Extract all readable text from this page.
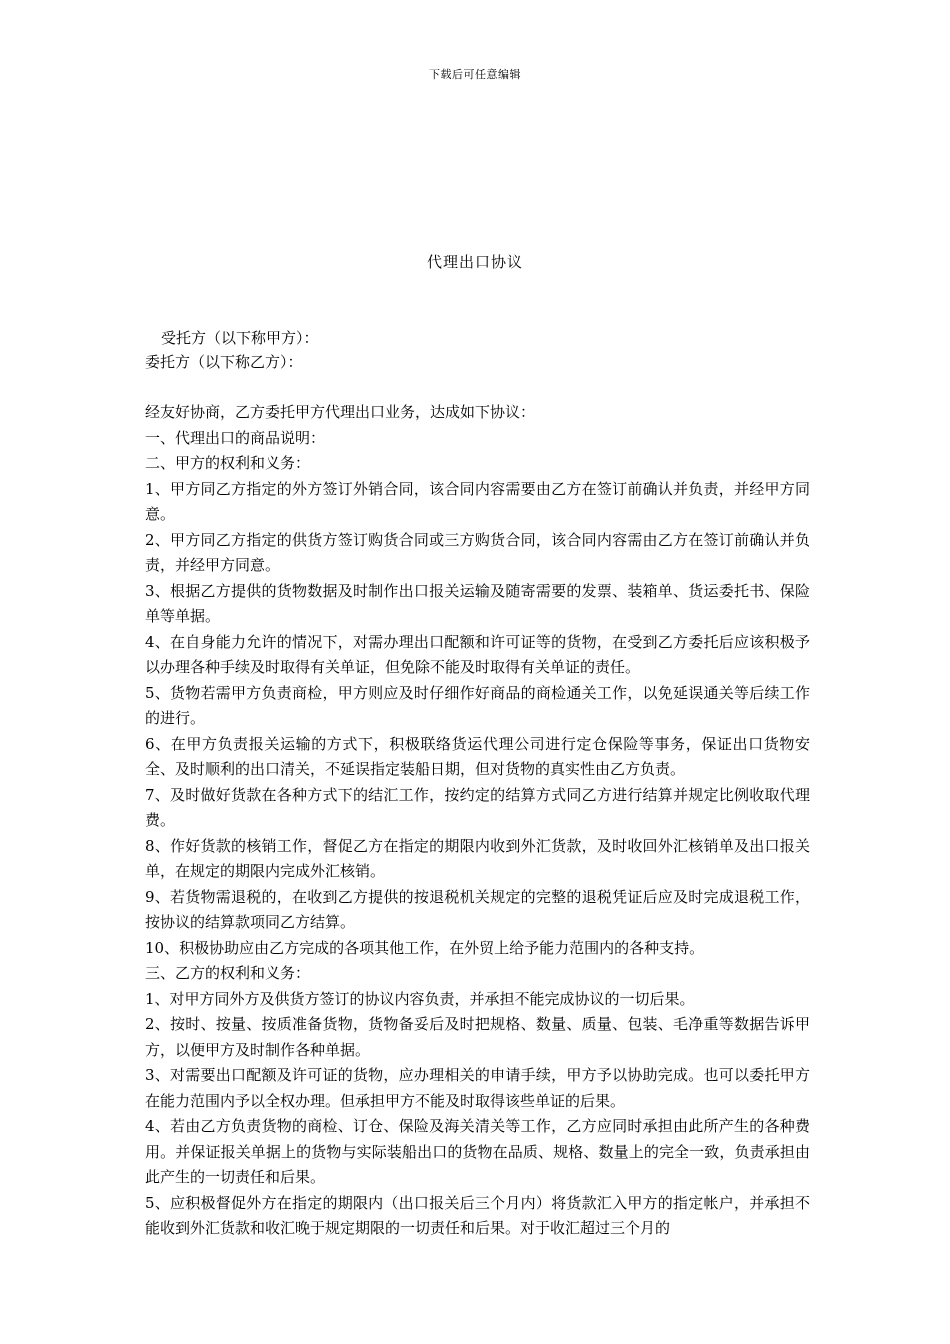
下载后可任意编辑
代理出口协议
受托方（以下称甲方）：
委托方（以下称乙方）：

经友好协商，乙方委托甲方代理出口业务，达成如下协议：

一、代理出口的商品说明：

二、甲方的权利和义务：

1、甲方同乙方指定的外方签订外销合同，该合同内容需要由乙方在签订前确认并负责，并经甲方同意。

2、甲方同乙方指定的供货方签订购货合同或三方购货合同，该合同内容需由乙方在签订前确认并负责，并经甲方同意。

3、根据乙方提供的货物数据及时制作出口报关运输及随寄需要的发票、装箱单、货运委托书、保险单等单据。

4、在自身能力允许的情况下，对需办理出口配额和许可证等的货物，在受到乙方委托后应该积极予以办理各种手续及时取得有关单证，但免除不能及时取得有关单证的责任。

5、货物若需甲方负责商检，甲方则应及时仔细作好商品的商检通关工作，以免延误通关等后续工作的进行。

6、在甲方负责报关运输的方式下，积极联络货运代理公司进行定仓保险等事务，保证出口货物安全、及时顺利的出口清关，不延误指定装船日期，但对货物的真实性由乙方负责。

7、及时做好货款在各种方式下的结汇工作，按约定的结算方式同乙方进行结算并规定比例收取代理费。

8、作好货款的核销工作，督促乙方在指定的期限内收到外汇货款，及时收回外汇核销单及出口报关单，在规定的期限内完成外汇核销。

9、若货物需退税的，在收到乙方提供的按退税机关规定的完整的退税凭证后应及时完成退税工作，按协议的结算款项同乙方结算。

10、积极协助应由乙方完成的各项其他工作，在外贸上给予能力范围内的各种支持。

三、乙方的权利和义务：

1、对甲方同外方及供货方签订的协议内容负责，并承担不能完成协议的一切后果。

2、按时、按量、按质准备货物，货物备妥后及时把规格、数量、质量、包装、毛净重等数据告诉甲方，以便甲方及时制作各种单据。

3、对需要出口配额及许可证的货物，应办理相关的申请手续，甲方予以协助完成。也可以委托甲方在能力范围内予以全权办理。但承担甲方不能及时取得该些单证的后果。

4、若由乙方负责货物的商检、订仓、保险及海关清关等工作，乙方应同时承担由此所产生的各种费用。并保证报关单据上的货物与实际装船出口的货物在品质、规格、数量上的完全一致，负责承担由此产生的一切责任和后果。

5、应积极督促外方在指定的期限内（出口报关后三个月内）将货款汇入甲方的指定帐户，并承担不能收到外汇货款和收汇晚于规定期限的一切责任和后果。对于收汇超过三个月的
